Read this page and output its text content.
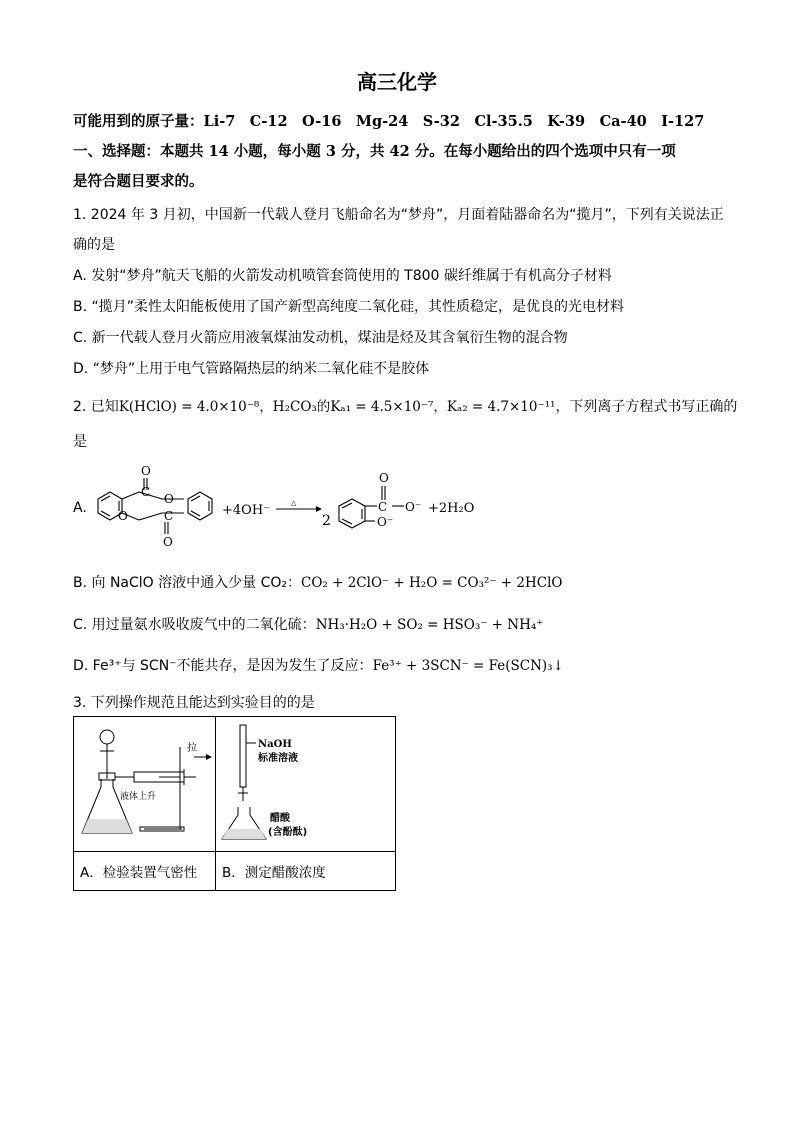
高三化学
可能用到的原子量：Li-7　C-12　O-16　Mg-24　S-32　Cl-35.5　K-39　Ca-40　I-127
一、选择题：本题共 14 小题，每小题 3 分，共 42 分。在每小题给出的四个选项中只有一项
是符合题目要求的。
1. 2024 年 3 月初，中国新一代载人登月飞船命名为“梦舟”，月面着陆器命名为“揽月”，下列有关说法正
确的是
A. 发射“梦舟”航天飞船的火箭发动机喷管套筒使用的 T800 碳纤维属于有机高分子材料
B. “揽月”柔性太阳能板使用了国产新型高纯度二氧化硅，其性质稳定，是优良的光电材料
C. 新一代载人登月火箭应用液氧煤油发动机，煤油是烃及其含氧衍生物的混合物
D. “梦舟”上用于电气管路隔热层的纳米二氧化硅不是胶体
2. 已知K(HClO) = 4.0×10⁻⁸，H₂CO₃的Kₐ₁ = 4.5×10⁻⁷，Kₐ₂ = 4.7×10⁻¹¹，下列离子方程式书写正确的
是
A.
O
C O
O	C
O
+4OH⁻	△
2
O
C O⁻
O⁻
+2H₂O
B. 向 NaClO 溶液中通入少量 CO₂：CO₂ + 2ClO⁻ + H₂O = CO₃²⁻ + 2HClO
C. 用过量氨水吸收废气中的二氧化硫：NH₃·H₂O + SO₂ = HSO₃⁻ + NH₄⁺
D. Fe³⁺与 SCN⁻不能共存，是因为发生了反应：Fe³⁺ + 3SCN⁻ = Fe(SCN)₃↓
3. 下列操作规范且能达到实验目的的是
拉
液体上升	NaOH
标准溶液
醋酸
(含酚酞)

A．检验装置气密性	B．测定醋酸浓度
